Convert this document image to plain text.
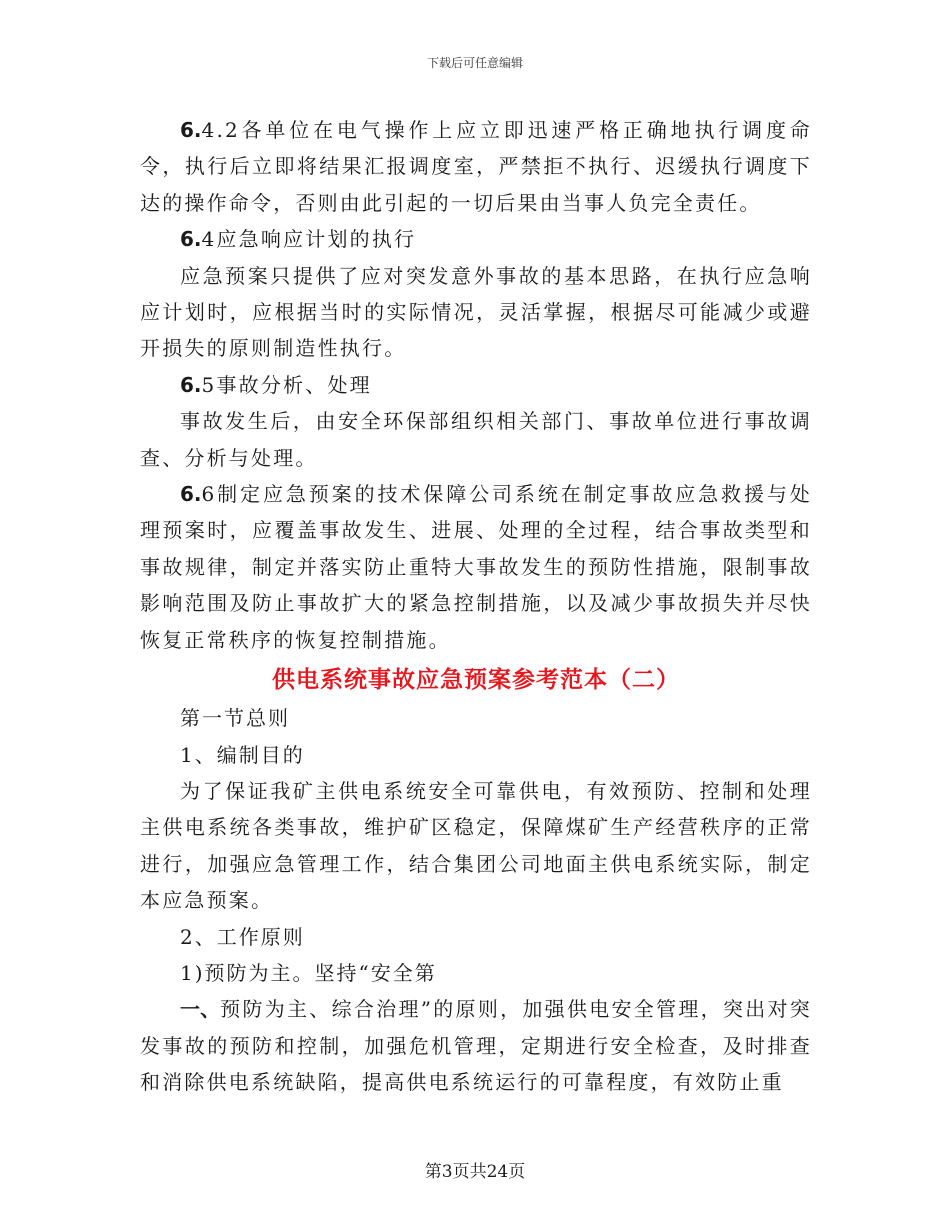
下载后可任意编辑

6.4.2各单位在电气操作上应立即迅速严格正确地执行调度命令，执行后立即将结果汇报调度室，严禁拒不执行、迟缓执行调度下达的操作命令，否则由此引起的一切后果由当事人负完全责任。

6.4应急响应计划的执行

应急预案只提供了应对突发意外事故的基本思路，在执行应急响应计划时，应根据当时的实际情况，灵活掌握，根据尽可能减少或避开损失的原则制造性执行。

6.5事故分析、处理

事故发生后，由安全环保部组织相关部门、事故单位进行事故调查、分析与处理。

6.6制定应急预案的技术保障公司系统在制定事故应急救援与处理预案时，应覆盖事故发生、进展、处理的全过程，结合事故类型和事故规律，制定并落实防止重特大事故发生的预防性措施，限制事故影响范围及防止事故扩大的紧急控制措施，以及减少事故损失并尽快恢复正常秩序的恢复控制措施。

供电系统事故应急预案参考范本（二）

第一节总则

1、编制目的

为了保证我矿主供电系统安全可靠供电，有效预防、控制和处理主供电系统各类事故，维护矿区稳定，保障煤矿生产经营秩序的正常进行，加强应急管理工作，结合集团公司地面主供电系统实际，制定本应急预案。

2、工作原则

1)预防为主。坚持“安全第

一、预防为主、综合治理”的原则，加强供电安全管理，突出对突发事故的预防和控制，加强危机管理，定期进行安全检查，及时排查和消除供电系统缺陷，提高供电系统运行的可靠程度，有效防止重

第3页共24页
